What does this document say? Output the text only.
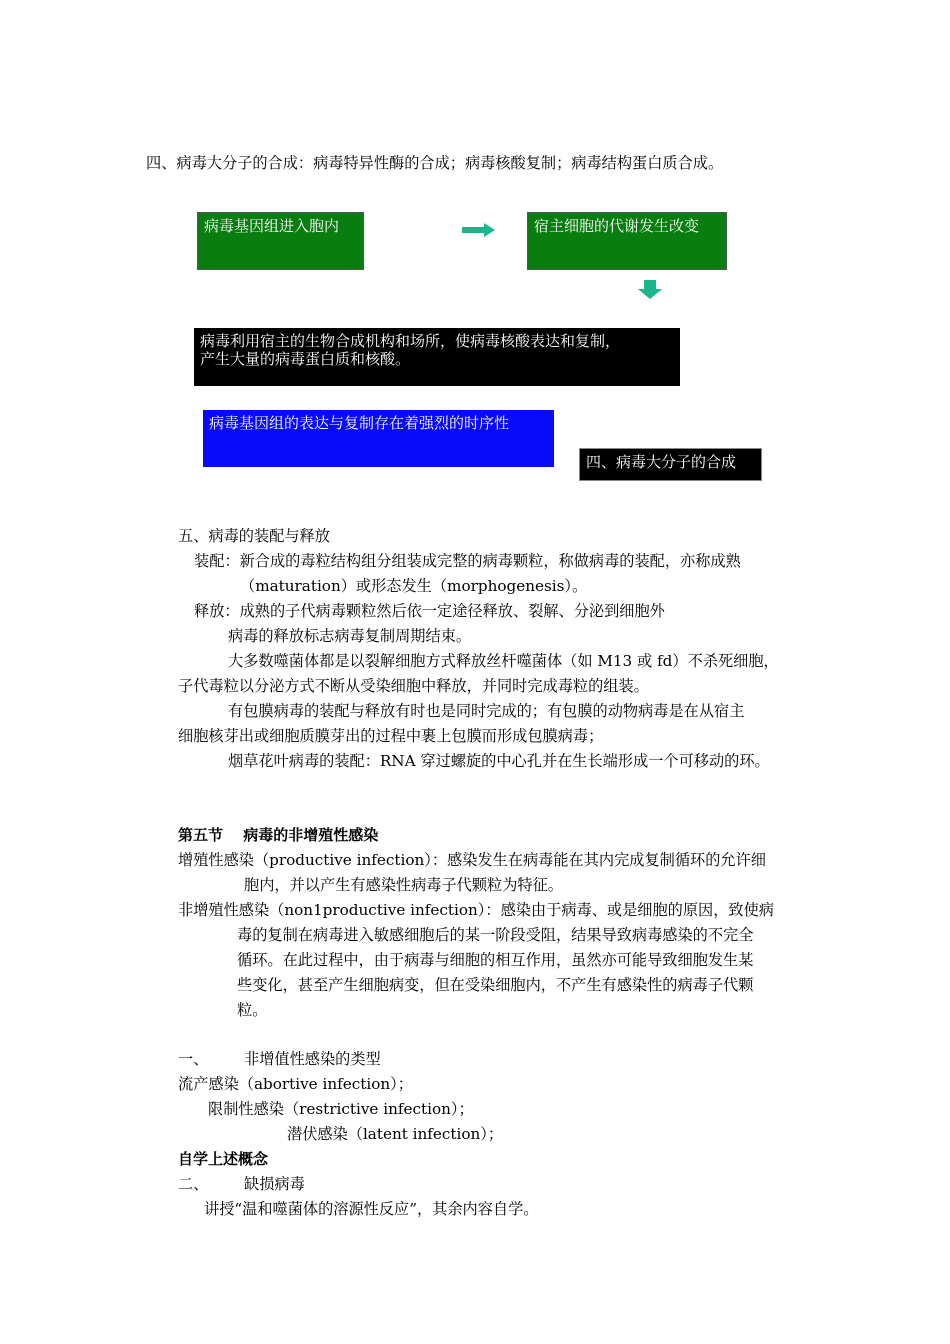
四、病毒大分子的合成：病毒特异性酶的合成；病毒核酸复制；病毒结构蛋白质合成。
病毒基因组进入胞内	宿主细胞的代谢发生改变
病毒利用宿主的生物合成机构和场所，使病毒核酸表达和复制，
产生大量的病毒蛋白质和核酸。
病毒基因组的表达与复制存在着强烈的时序性
四、病毒大分子的合成
五、病毒的装配与释放
装配：新合成的毒粒结构组分组装成完整的病毒颗粒，称做病毒的装配，亦称成熟
（maturation）或形态发生（morphogenesis）。
释放：成熟的子代病毒颗粒然后依一定途径释放、裂解、分泌到细胞外
病毒的释放标志病毒复制周期结束。
大多数噬菌体都是以裂解细胞方式释放丝杆噬菌体（如 M13 或 fd）不杀死细胞，
子代毒粒以分泌方式不断从受染细胞中释放，并同时完成毒粒的组装。
有包膜病毒的装配与释放有时也是同时完成的；有包膜的动物病毒是在从宿主
细胞核芽出或细胞质膜芽出的过程中裹上包膜而形成包膜病毒；
烟草花叶病毒的装配：RNA 穿过螺旋的中心孔并在生长端形成一个可移动的环。
第五节　 病毒的非增殖性感染
增殖性感染（productive infection）：感染发生在病毒能在其内完成复制循环的允许细
胞内，并以产生有感染性病毒子代颗粒为特征。
非增殖性感染（non1productive infection）：感染由于病毒、或是细胞的原因，致使病
毒的复制在病毒进入敏感细胞后的某一阶段受阻，结果导致病毒感染的不完全
循环。在此过程中，由于病毒与细胞的相互作用，虽然亦可能导致细胞发生某
些变化，甚至产生细胞病变，但在受染细胞内，不产生有感染性的病毒子代颗
粒。
一、 非增值性感染的类型
流产感染（abortive infection）；
限制性感染（restrictive infection）；
潜伏感染（latent infection）；
自学上述概念
二、 缺损病毒
讲授“温和噬菌体的溶源性反应”，其余内容自学。
